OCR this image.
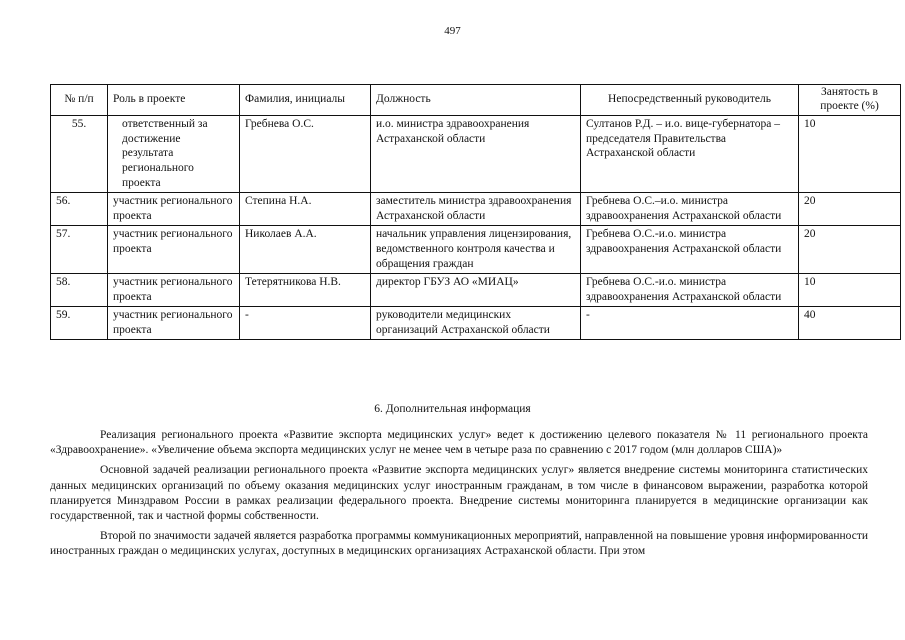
497
№ п/п	Роль в проекте	Фамилия, инициалы	Должность	Непосредственный руководитель	Занятость в проекте (%)
55.	ответственный за достижение результата регионального проекта	Гребнева О.С.	и.о. министра здравоохранения Астраханской области	Султанов Р.Д. – и.о. вице-губернатора – председателя Правительства Астраханской области	10
56.	участник регионального проекта	Степина Н.А.	заместитель министра здравоохранения Астраханской области	Гребнева О.С.–и.о. министра здравоохранения Астраханской области	20
57.	участник регионального проекта	Николаев А.А.	начальник управления лицензирования, ведомственного контроля качества и обращения граждан	Гребнева О.С.-и.о. министра здравоохранения Астраханской области	20
58.	участник регионального проекта	Тетерятникова Н.В.	директор ГБУЗ АО «МИАЦ»	Гребнева О.С.-и.о. министра здравоохранения Астраханской области	10
59.	участник регионального проекта	-	руководители медицинских организаций Астраханской области	-	40
6. Дополнительная информация

Реализация регионального проекта «Развитие экспорта медицинских услуг» ведет к достижению целевого показателя № 11 регионального проекта «Здравоохранение». «Увеличение объема экспорта медицинских услуг не менее чем в четыре раза по сравнению с 2017 годом (млн долларов США)»

Основной задачей реализации регионального проекта «Развитие экспорта медицинских услуг» является внедрение системы мониторинга статистических данных медицинских организаций по объему оказания медицинских услуг иностранным гражданам, в том числе в финансовом выражении, разработка которой планируется Минздравом России в рамках реализации федерального проекта. Внедрение системы мониторинга планируется в медицинские организации как государственной, так и частной формы собственности.

Второй по значимости задачей является разработка программы коммуникационных мероприятий, направленной на повышение уровня информированности иностранных граждан о медицинских услугах, доступных в медицинских организациях Астраханской области. При этом
